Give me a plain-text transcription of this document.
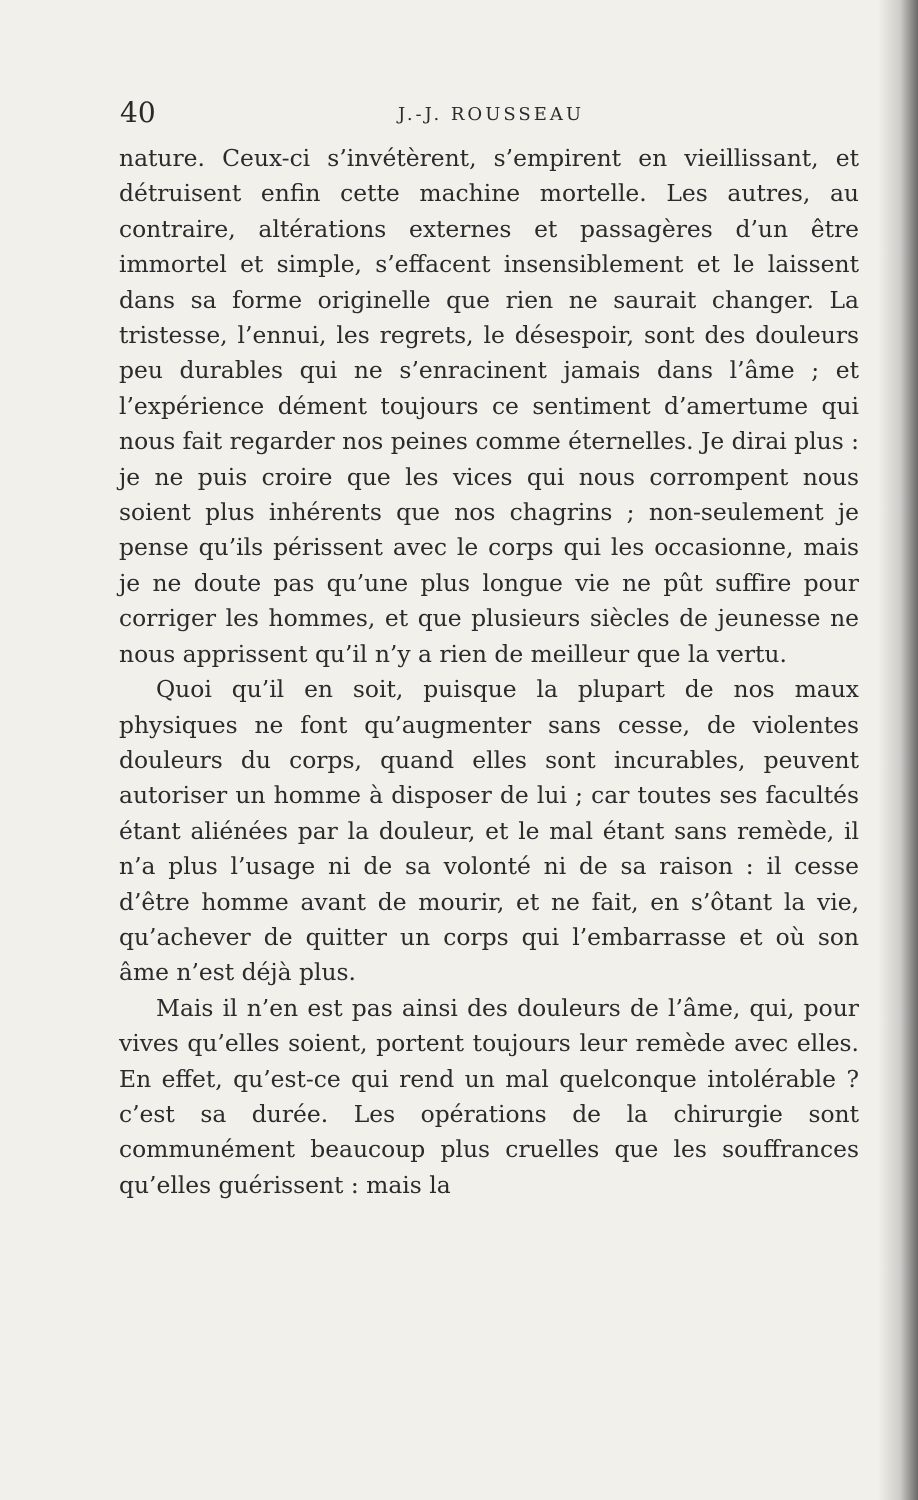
40	J.-J. ROUSSEAU

nature. Ceux-ci s’invétèrent, s’empirent en vieillissant, et détruisent enfin cette machine mortelle. Les autres, au contraire, altérations externes et passagères d’un être immortel et simple, s’effacent insensiblement et le laissent dans sa forme originelle que rien ne saurait changer. La tristesse, l’ennui, les regrets, le désespoir, sont des douleurs peu durables qui ne s’enracinent jamais dans l’âme ; et l’expérience dément toujours ce sentiment d’amertume qui nous fait regarder nos peines comme éternelles. Je dirai plus : je ne puis croire que les vices qui nous corrompent nous soient plus inhérents que nos chagrins ; non-seulement je pense qu’ils périssent avec le corps qui les occasionne, mais je ne doute pas qu’une plus longue vie ne pût suffire pour corriger les hommes, et que plusieurs siècles de jeunesse ne nous apprissent qu’il n’y a rien de meilleur que la vertu.

Quoi qu’il en soit, puisque la plupart de nos maux physiques ne font qu’augmenter sans cesse, de violentes douleurs du corps, quand elles sont incurables, peuvent autoriser un homme à disposer de lui ; car toutes ses facultés étant aliénées par la douleur, et le mal étant sans remède, il n’a plus l’usage ni de sa volonté ni de sa raison : il cesse d’être homme avant de mourir, et ne fait, en s’ôtant la vie, qu’achever de quitter un corps qui l’embarrasse et où son âme n’est déjà plus.

Mais il n’en est pas ainsi des douleurs de l’âme, qui, pour vives qu’elles soient, portent toujours leur remède avec elles. En effet, qu’est-ce qui rend un mal quelconque intolérable ? c’est sa durée. Les opérations de la chirurgie sont communément beaucoup plus cruelles que les souffrances qu’elles guérissent : mais la
